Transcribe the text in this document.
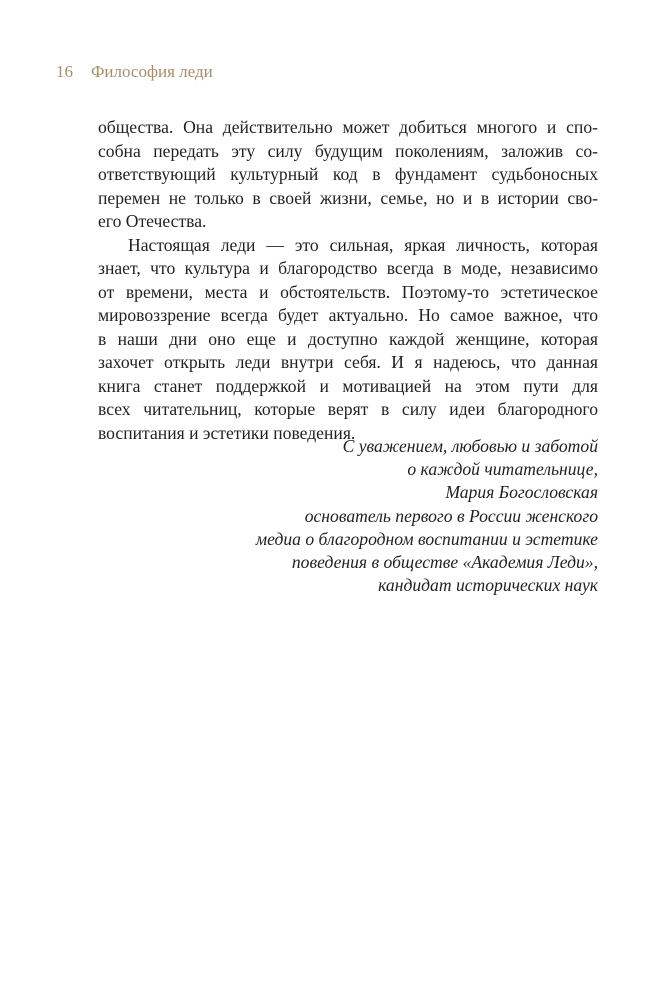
16 Философия леди
общества. Она действительно может добиться многого и спо-
собна передать эту силу будущим поколениям, заложив со-
ответствующий культурный код в фундамент судьбоносных
перемен не только в своей жизни, семье, но и в истории сво-
его Отечества.
Настоящая леди — это сильная, яркая личность, которая
знает, что культура и благородство всегда в моде, независимо
от времени, места и обстоятельств. Поэтому-то эстетическое
мировоззрение всегда будет актуально. Но самое важное, что
в наши дни оно еще и доступно каждой женщине, которая
захочет открыть леди внутри себя. И я надеюсь, что данная
книга станет поддержкой и мотивацией на этом пути для
всех читательниц, которые верят в силу идеи благородного
воспитания и эстетики поведения.
С уважением, любовью и заботой
о каждой читательнице,
Мария Богословская
основатель первого в России женского
медиа о благородном воспитании и эстетике
поведения в обществе «Академия Леди»,
кандидат исторических наук
